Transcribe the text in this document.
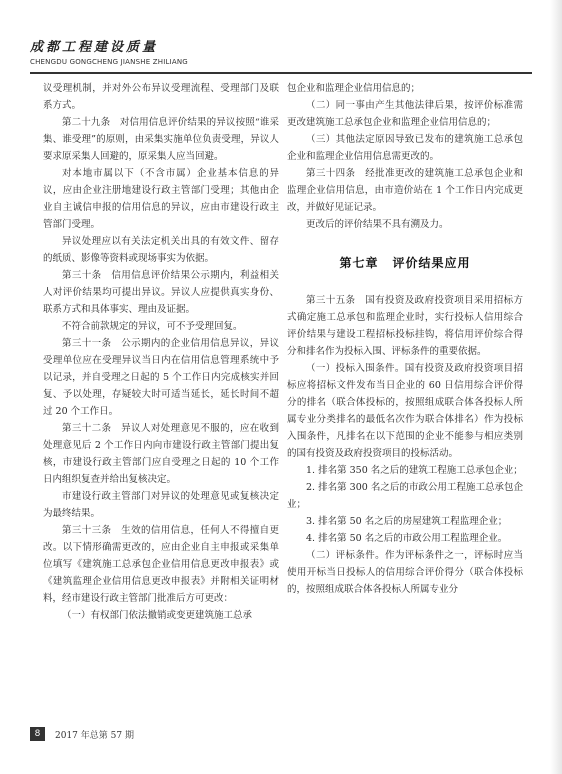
成都工程建设质量
CHENGDU GONGCHENG JIANSHE ZHILIANG

议受理机制，并对外公布异议受理流程、受理部门及联系方式。

第二十九条　对信用信息评价结果的异议按照“谁采集、谁受理”的原则，由采集实施单位负责受理，异议人要求原采集人回避的，原采集人应当回避。

对本地市属以下（不含市属）企业基本信息的异议，应由企业注册地建设行政主管部门受理；其他由企业自主诚信申报的信用信息的异议，应由市建设行政主管部门受理。

异议处理应以有关法定机关出具的有效文件、留存的纸质、影像等资料或现场事实为依据。

第三十条　信用信息评价结果公示期内，利益相关人对评价结果均可提出异议。异议人应提供真实身份、联系方式和具体事实、理由及证据。

不符合前款规定的异议，可不予受理回复。

第三十一条　公示期内的企业信用信息异议，异议受理单位应在受理异议当日内在信用信息管理系统中予以记录，并自受理之日起的 5 个工作日内完成核实并回复、予以处理，存疑较大时可适当延长，延长时间不超过 20 个工作日。

第三十二条　异议人对处理意见不服的，应在收到处理意见后 2 个工作日内向市建设行政主管部门提出复核，市建设行政主管部门应自受理之日起的 10 个工作日内组织复查并给出复核决定。

市建设行政主管部门对异议的处理意见或复核决定为最终结果。

第三十三条　生效的信用信息，任何人不得擅自更改。以下情形确需更改的，应由企业自主申报或采集单位填写《建筑施工总承包企业信用信息更改申报表》或《建筑监理企业信用信息更改申报表》并附相关证明材料，经市建设行政主管部门批准后方可更改：

（一）有权部门依法撤销或变更建筑施工总承

包企业和监理企业信用信息的；

（二）同一事由产生其他法律后果，按评价标准需更改建筑施工总承包企业和监理企业信用信息的；

（三）其他法定原因导致已发布的建筑施工总承包企业和监理企业信用信息需更改的。

第三十四条　经批准更改的建筑施工总承包企业和监理企业信用信息，由市造价站在 1 个工作日内完成更改，并做好见证记录。

更改后的评价结果不具有溯及力。

第七章 评价结果应用

第三十五条　国有投资及政府投资项目采用招标方式确定施工总承包和监理企业时，实行投标人信用综合评价结果与建设工程招标投标挂钩，将信用评价综合得分和排名作为投标入围、评标条件的重要依据。

（一）投标入围条件。国有投资及政府投资项目招标应将招标文件发布当日企业的 60 日信用综合评价得分的排名（联合体投标的，按照组成联合体各投标人所属专业分类排名的最低名次作为联合体排名）作为投标入围条件，凡排名在以下范围的企业不能参与相应类别的国有投资及政府投资项目的投标活动。

1. 排名第 350 名之后的建筑工程施工总承包企业；

2. 排名第 300 名之后的市政公用工程施工总承包企业；

3. 排名第 50 名之后的房屋建筑工程监理企业；

4. 排名第 50 名之后的市政公用工程监理企业。

（二）评标条件。作为评标条件之一，评标时应当使用开标当日投标人的信用综合评价得分（联合体投标的，按照组成联合体各投标人所属专业分

8	2017 年总第 57 期
